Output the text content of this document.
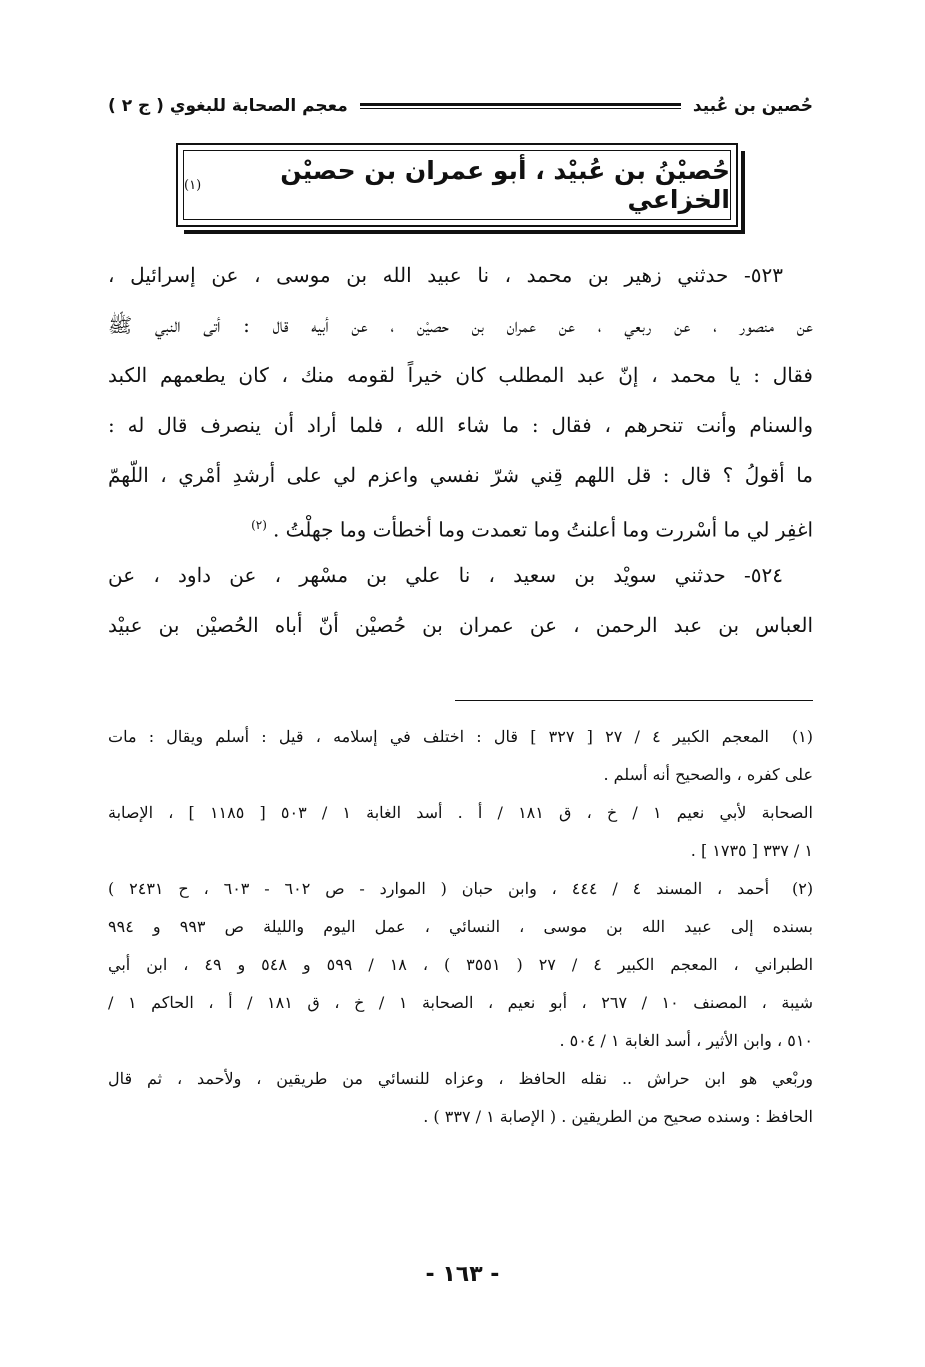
حُصين بن عُبيد
معجم الصحابة للبغوي ( ج ٢ )
حُصيْنُ بن عُبيْد ، أبو عمران بن حصيْن الخزاعي
(١)
٥٢٣- حدثني زهير بن محمد ، نا عبيد الله بن موسى ، عن إسرائيل ،
عن منصور ، عن ربعي ، عن عمران بن حصيْن ، عن أبيه قال : أتى النبي ﷺ
فقال : يا محمد ، إنّ عبد المطلب كان خيراً لقومه منك ، كان يطعمهم الكبد
والسنام وأنت تنحرهم ، فقال : ما شاء الله ، فلما أراد أن ينصرف قال له :
ما أقولُ ؟ قال : قل اللهم قِني شرّ نفسي واعزم لي على أرشدِ أمْري ، اللّهمّ
اغفِر لي ما أسْررت وما أعلنتُ وما تعمدت وما أخطأت وما جهلْتُ .$^{(٢)}$
٥٢٤- حدثني سويْد بن سعيد ، نا علي بن مسْهر ، عن داود ، عن
العباس بن عبد الرحمن ، عن عمران بن حُصيْن أنّ أباه الحُصيْن بن عبيْد
(١)المعجم الكبير ٤ / ٢٧ [ ٣٢٧ ] قال : اختلف في إسلامه ، قيل : أسلم ويقال : مات
على كفره ، والصحيح أنه أسلم .
الصحابة لأبي نعيم ١ / خ ، ق ١٨١ / أ . أسد الغابة ١ / ٥٠٣ [ ١١٨٥ ] ، الإصابة
١ / ٣٣٧ [ ١٧٣٥ ] .
(٢)أحمد ، المسند ٤ / ٤٤٤ ، وابن حبان ( الموارد - ص ٦٠٢ - ٦٠٣ ، ح ٢٤٣١ )
بسنده إلى عبيد الله بن موسى ، النسائي ، عمل اليوم والليلة ص ٩٩٣ و ٩٩٤
الطبراني ، المعجم الكبير ٤ / ٢٧ ( ٣٥٥١ ) ، ١٨ / ٥٩٩ و ٥٤٨ و ٤٩ ، ابن أبي
شيبة ، المصنف ١٠ / ٢٦٧ ، أبو نعيم ، الصحابة ١ / خ ، ق ١٨١ / أ ، الحاكم ١ /
٥١٠ ، وابن الأثير ، أسد الغابة ١ / ٥٠٤ .
وربْعي هو ابن حراش .. نقله الحافظ ، وعزاه للنسائي من طريقين ، ولأحمد ، ثم قال
الحافظ : وسنده صحيح من الطريقين . ( الإصابة ١ / ٣٣٧ ) .
- ١٦٣ -
